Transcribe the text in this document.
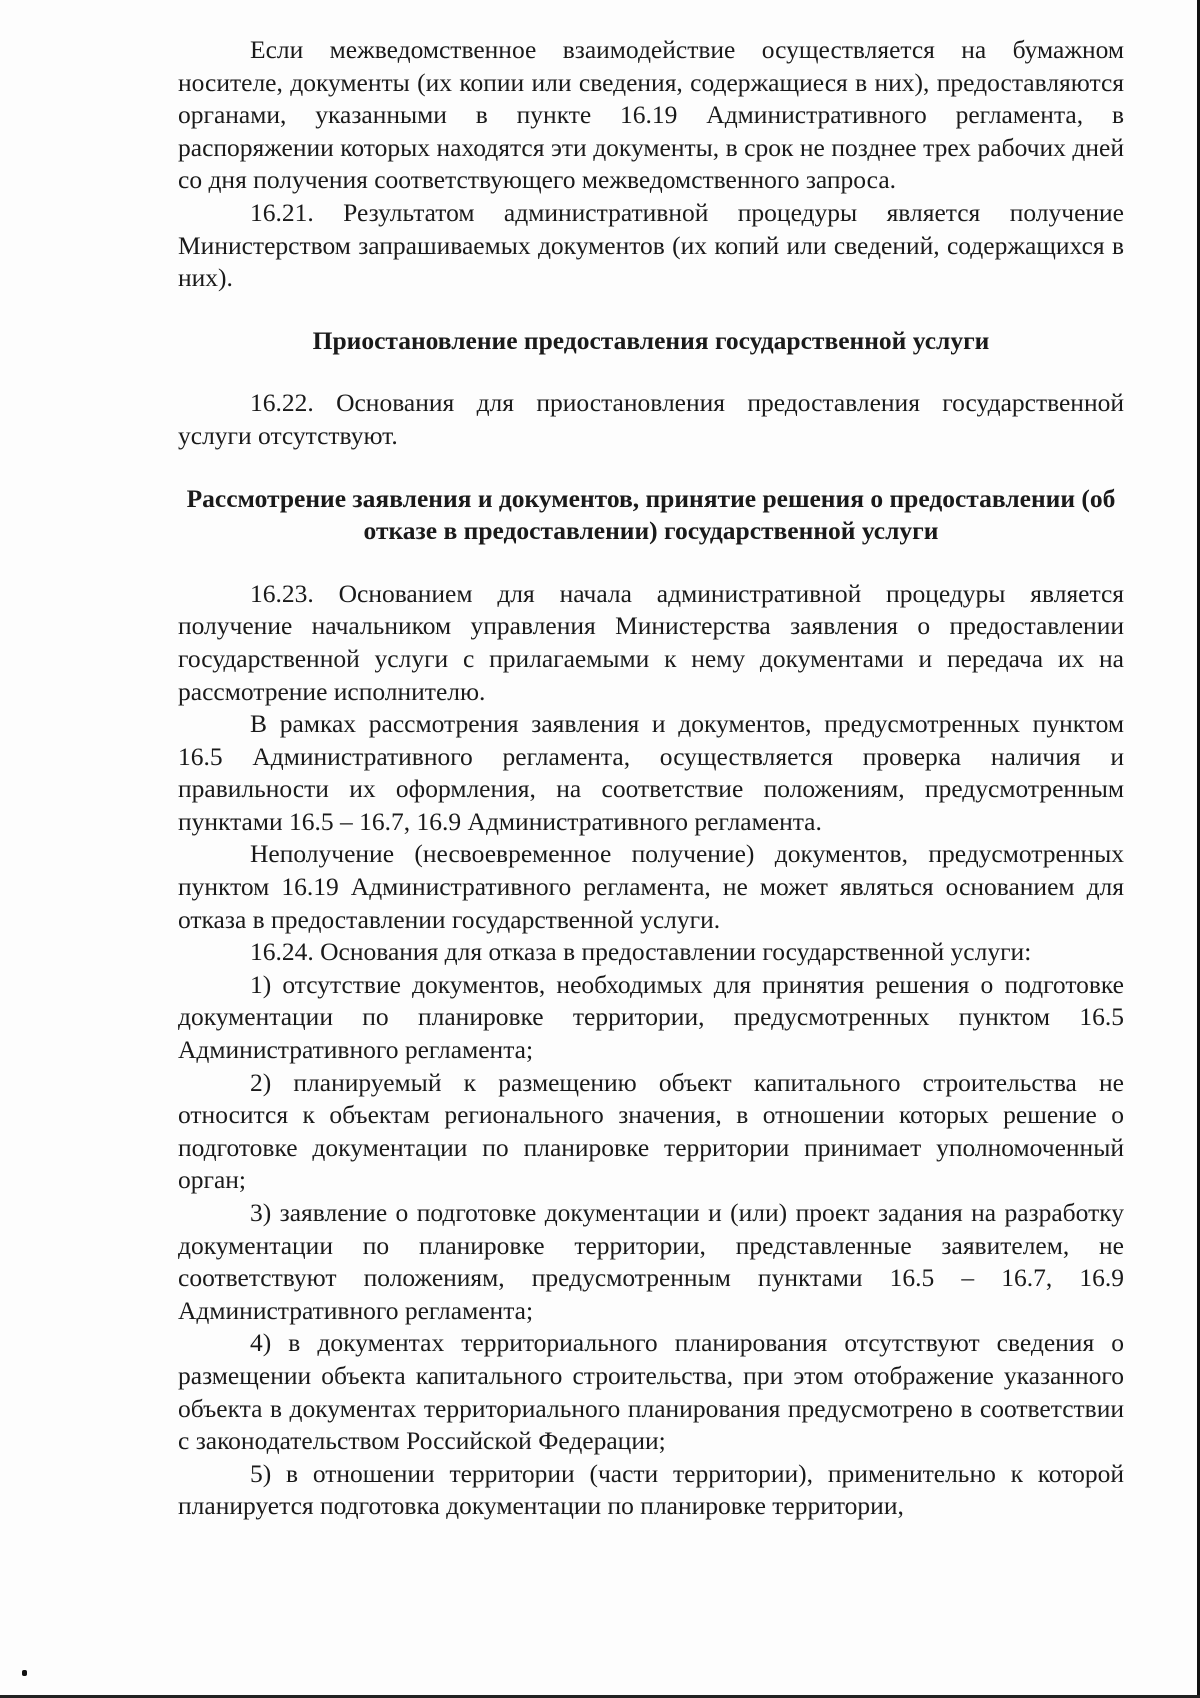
Если межведомственное взаимодействие осуществляется на бумажном носителе, документы (их копии или сведения, содержащиеся в них), предоставляются органами, указанными в пункте 16.19 Административного регламента, в распоряжении которых находятся эти документы, в срок не позднее трех рабочих дней со дня получения соответствующего межведомственного запроса.

16.21. Результатом административной процедуры является получение Министерством запрашиваемых документов (их копий или сведений, содержащихся в них).

Приостановление предоставления государственной услуги

16.22. Основания для приостановления предоставления государственной услуги отсутствуют.

Рассмотрение заявления и документов, принятие решения о предоставлении (об отказе в предоставлении) государственной услуги

16.23. Основанием для начала административной процедуры является получение начальником управления Министерства заявления о предоставлении государственной услуги с прилагаемыми к нему документами и передача их на рассмотрение исполнителю.

В рамках рассмотрения заявления и документов, предусмотренных пунктом 16.5 Административного регламента, осуществляется проверка наличия и правильности их оформления, на соответствие положениям, предусмотренным пунктами 16.5 – 16.7, 16.9 Административного регламента.

Неполучение (несвоевременное получение) документов, предусмотренных пунктом 16.19 Административного регламента, не может являться основанием для отказа в предоставлении государственной услуги.

16.24. Основания для отказа в предоставлении государственной услуги:

1) отсутствие документов, необходимых для принятия решения о подготовке документации по планировке территории, предусмотренных пунктом 16.5 Административного регламента;

2) планируемый к размещению объект капитального строительства не относится к объектам регионального значения, в отношении которых решение о подготовке документации по планировке территории принимает уполномоченный орган;

3) заявление о подготовке документации и (или) проект задания на разработку документации по планировке территории, представленные заявителем, не соответствуют положениям, предусмотренным пунктами 16.5 – 16.7, 16.9 Административного регламента;

4) в документах территориального планирования отсутствуют сведения о размещении объекта капитального строительства, при этом отображение указанного объекта в документах территориального планирования предусмотрено в соответствии с законодательством Российской Федерации;

5) в отношении территории (части территории), применительно к которой планируется подготовка документации по планировке территории,
